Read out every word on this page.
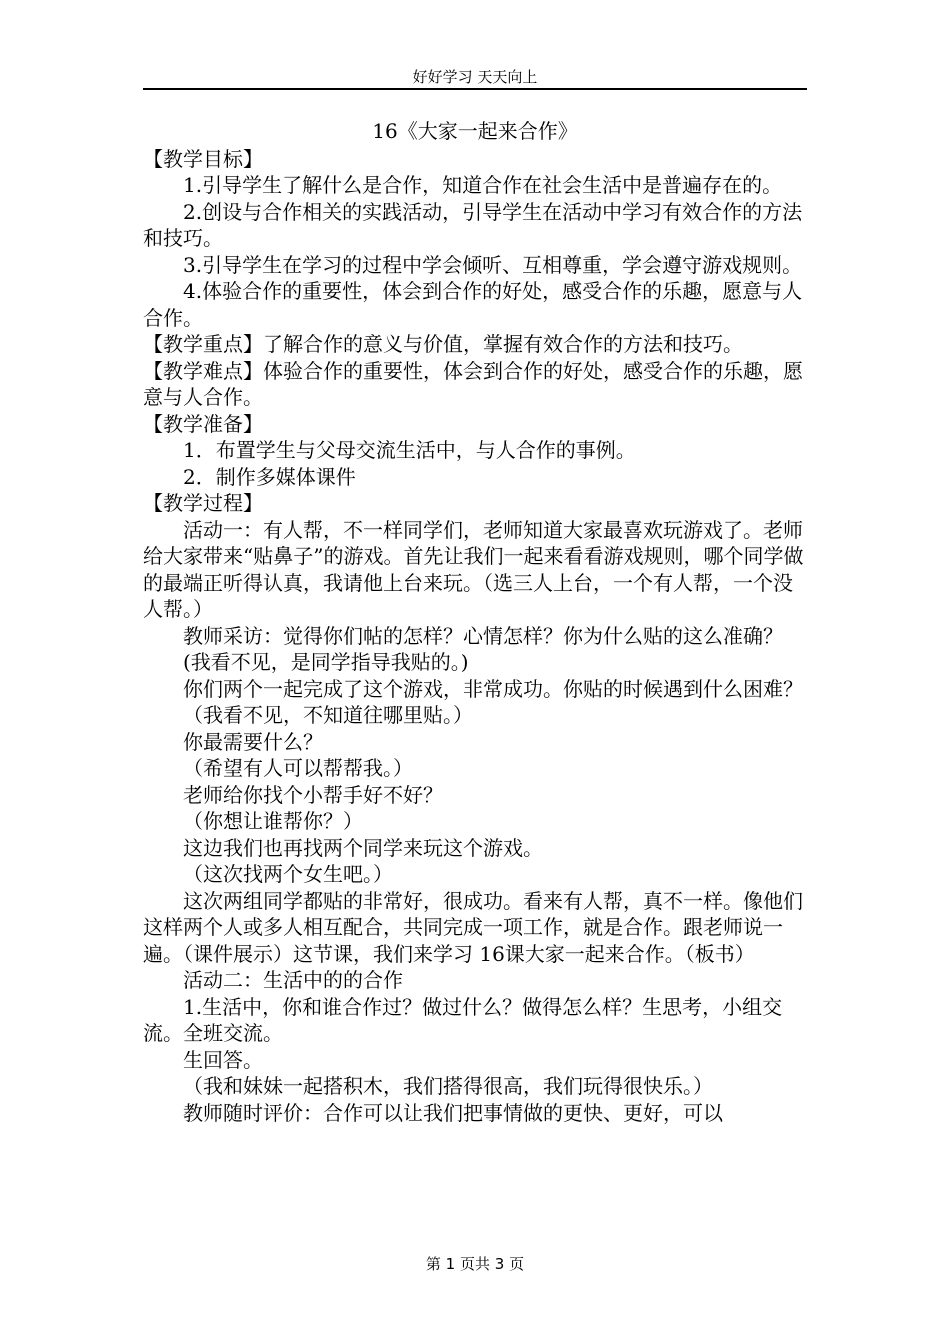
好好学习 天天向上
16《大家一起来合作》

【教学目标】

1.引导学生了解什么是合作，知道合作在社会生活中是普遍存在的。

2.创设与合作相关的实践活动，引导学生在活动中学习有效合作的方法和技巧。

3.引导学生在学习的过程中学会倾听、互相尊重，学会遵守游戏规则。

4.体验合作的重要性，体会到合作的好处，感受合作的乐趣，愿意与人合作。

【教学重点】了解合作的意义与价值，掌握有效合作的方法和技巧。

【教学难点】体验合作的重要性，体会到合作的好处，感受合作的乐趣，愿意与人合作。

【教学准备】

1．布置学生与父母交流生活中，与人合作的事例。

2．制作多媒体课件

【教学过程】

活动一：有人帮，不一样同学们，老师知道大家最喜欢玩游戏了。老师给大家带来“贴鼻子”的游戏。首先让我们一起来看看游戏规则，哪个同学做的最端正听得认真，我请他上台来玩。（选三人上台，一个有人帮，一个没人帮。）

教师采访：觉得你们帖的怎样？心情怎样？你为什么贴的这么准确？

(我看不见，是同学指导我贴的。)

你们两个一起完成了这个游戏，非常成功。你贴的时候遇到什么困难？

（我看不见，不知道往哪里贴。）

你最需要什么？

（希望有人可以帮帮我。）

老师给你找个小帮手好不好？

（你想让谁帮你？）

这边我们也再找两个同学来玩这个游戏。

（这次找两个女生吧。）

这次两组同学都贴的非常好，很成功。看来有人帮，真不一样。像他们这样两个人或多人相互配合，共同完成一项工作，就是合作。跟老师说一遍。（课件展示）这节课，我们来学习 16课大家一起来合作。（板书）

活动二：生活中的的合作

1.生活中，你和谁合作过？做过什么？做得怎么样？生思考，小组交流。全班交流。

生回答。

（我和妹妹一起搭积木，我们搭得很高，我们玩得很快乐。）

教师随时评价：合作可以让我们把事情做的更快、更好，可以

第 1 页共 3 页
